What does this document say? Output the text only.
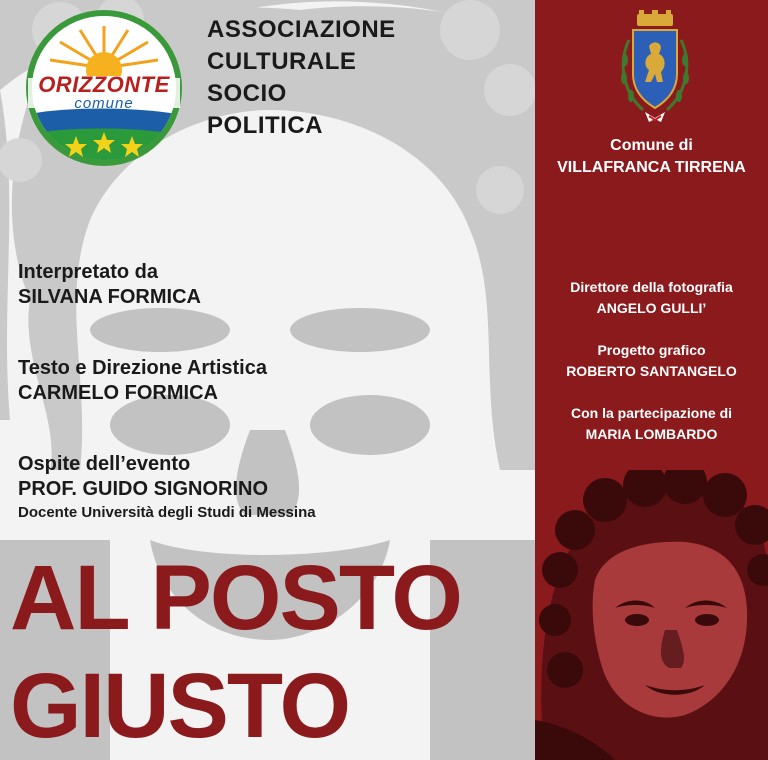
ORIZZONTE
comune
ASSOCIAZIONE
CULTURALE
SOCIO
POLITICA
Interpretato da
SILVANA FORMICA
Testo e Direzione Artistica
CARMELO FORMICA
Ospite dell’evento
PROF. GUIDO SIGNORINO
Docente Università degli Studi di Messina
AL POSTO
GIUSTO
Comune di
VILLAFRANCA TIRRENA
Direttore della fotografia
ANGELO GULLI’
Progetto grafico
ROBERTO SANTANGELO
Con la partecipazione di
MARIA LOMBARDO
